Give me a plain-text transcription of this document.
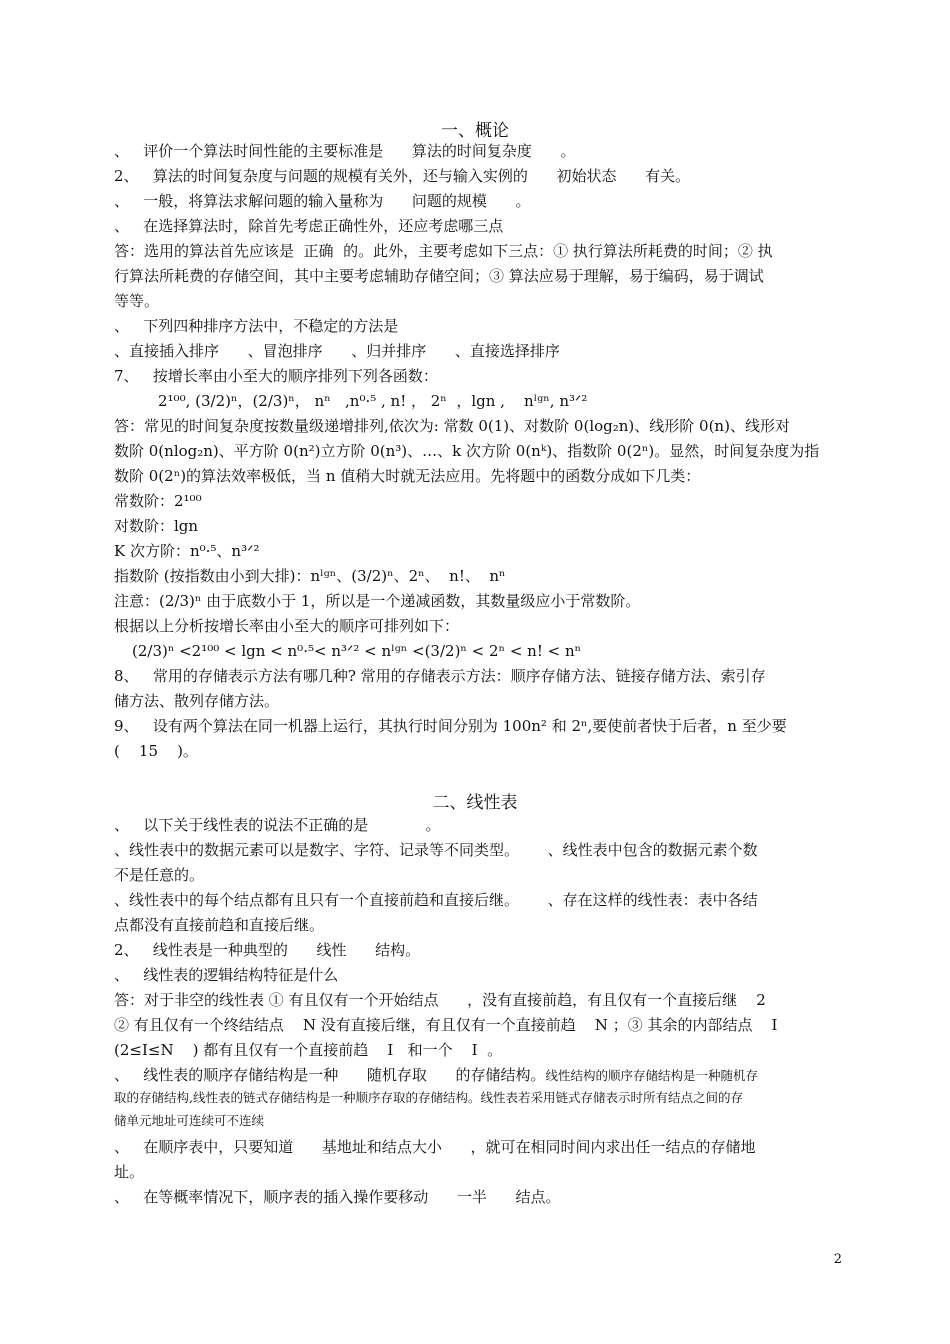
一、概论
、   评价一个算法时间性能的主要标准是      算法的时间复杂度      。
2、   算法的时间复杂度与问题的规模有关外，还与输入实例的      初始状态      有关。
、   一般，将算法求解问题的输入量称为      问题的规模      。
、   在选择算法时，除首先考虑正确性外，还应考虑哪三点
答：选用的算法首先应该是  正确  的。此外，主要考虑如下三点：① 执行算法所耗费的时间；② 执
行算法所耗费的存储空间，其中主要考虑辅助存储空间；③ 算法应易于理解，易于编码，易于调试
等等。
、   下列四种排序方法中，不稳定的方法是
、直接插入排序      、冒泡排序      、归并排序      、直接选择排序
7、   按增长率由小至大的顺序排列下列各函数：
2¹⁰⁰, (3/2)ⁿ，(2/3)ⁿ， nⁿ   ,n⁰·⁵ , n! ， 2ⁿ  ，lgn ,    nˡᵍⁿ, n³ᐟ²
答：常见的时间复杂度按数量级递增排列,依次为: 常数 0(1)、对数阶 0(log₂n)、线形阶 0(n)、线形对
数阶 0(nlog₂n)、平方阶 0(n²)立方阶 0(n³)、…、k 次方阶 0(nᵏ)、指数阶 0(2ⁿ)。显然，时间复杂度为指
数阶 0(2ⁿ)的算法效率极低，当 n 值稍大时就无法应用。先将题中的函数分成如下几类：
常数阶：2¹⁰⁰
对数阶：lgn
K 次方阶：n⁰·⁵、n³ᐟ²
指数阶 (按指数由小到大排)：nˡᵍⁿ、(3/2)ⁿ、2ⁿ、  n!、  nⁿ
注意：(2/3)ⁿ 由于底数小于 1，所以是一个递减函数，其数量级应小于常数阶。
根据以上分析按增长率由小至大的顺序可排列如下：
(2/3)ⁿ <2¹⁰⁰ < lgn < n⁰·⁵< n³ᐟ² < nˡᵍⁿ <(3/2)ⁿ < 2ⁿ < n! < nⁿ
8、   常用的存储表示方法有哪几种? 常用的存储表示方法：顺序存储方法、链接存储方法、索引存
储方法、散列存储方法。
9、   设有两个算法在同一机器上运行，其执行时间分别为 100n² 和 2ⁿ,要使前者快于后者，n 至少要
(    15    )。
二、线性表
、   以下关于线性表的说法不正确的是            。
、线性表中的数据元素可以是数字、字符、记录等不同类型。      、线性表中包含的数据元素个数
不是任意的。
、线性表中的每个结点都有且只有一个直接前趋和直接后继。      、存在这样的线性表：表中各结
点都没有直接前趋和直接后继。
2、   线性表是一种典型的      线性      结构。
、   线性表的逻辑结构特征是什么
答：对于非空的线性表 ① 有且仅有一个开始结点      ，没有直接前趋，有且仅有一个直接后继    2
② 有且仅有一个终结结点    N 没有直接后继，有且仅有一个直接前趋    N ；③ 其余的内部结点    I
(2≤I≤N    ) 都有且仅有一个直接前趋    I   和一个    I  。
、   线性表的顺序存储结构是一种      随机存取      的存储结构。线性结构的顺序存储结构是一种随机存
取的存储结构,线性表的链式存储结构是一种顺序存取的存储结构。线性表若采用链式存储表示时所有结点之间的存
储单元地址可连续可不连续
、   在顺序表中，只要知道      基地址和结点大小      ，就可在相同时间内求出任一结点的存储地
址。
、   在等概率情况下，顺序表的插入操作要移动      一半      结点。
2
